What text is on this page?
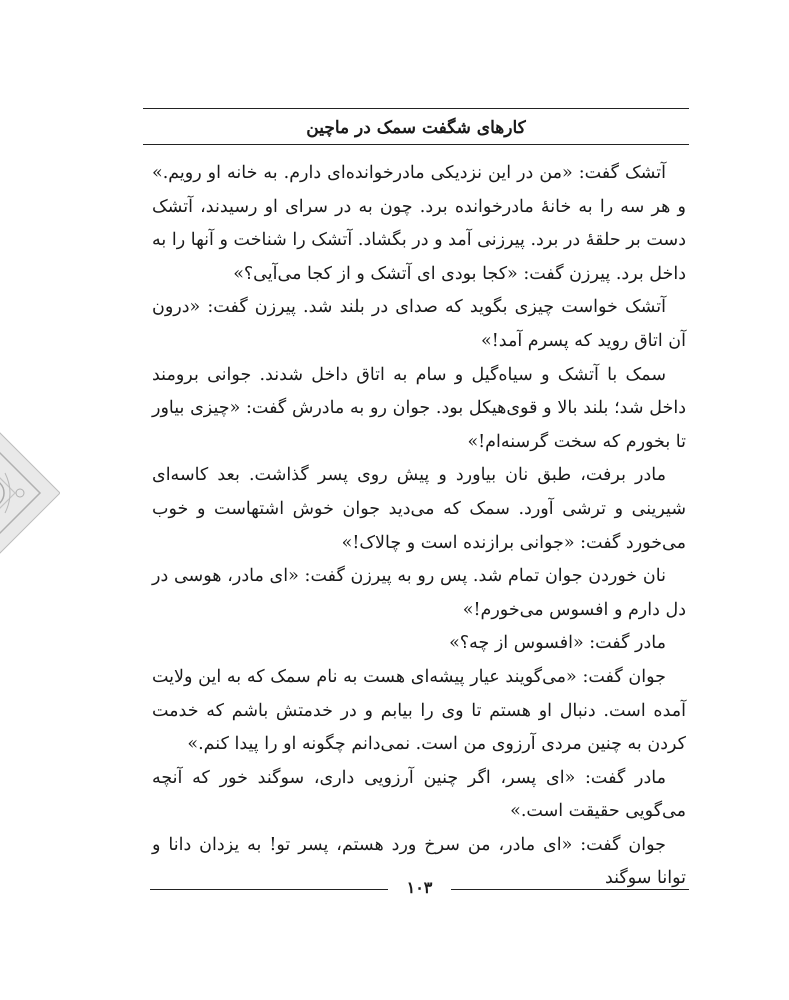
کارهای شگفت سمک در ماچین

آتشک گفت: «من در این نزدیکی مادرخوانده‌ای دارم. به خانه او رویم.» و هر سه را به خانهٔ مادرخوانده برد. چون به در سرای او رسیدند، آتشک دست بر حلقهٔ در برد. پیرزنی آمد و در بگشاد. آتشک را شناخت و آنها را به داخل برد. پیرزن گفت: «کجا بودی ای آتشک و از کجا می‌آیی؟»

آتشک خواست چیزی بگوید که صدای در بلند شد. پیرزن گفت: «درون آن اتاق روید که پسرم آمد!»

سمک با آتشک و سیاه‌گیل و سام به اتاق داخل شدند. جوانی برومند داخل شد؛ بلند بالا و قوی‌هیکل بود. جوان رو به مادرش گفت: «چیزی بیاور تا بخورم که سخت گرسنه‌ام!»

مادر برفت، طبق نان بیاورد و پیش روی پسر گذاشت. بعد کاسه‌ای شیرینی و ترشی آورد. سمک که می‌دید جوان خوش اشتهاست و خوب می‌خورد گفت: «جوانی برازنده است و چالاک!»

نان خوردن جوان تمام شد. پس رو به پیرزن گفت: «ای مادر، هوسی در دل دارم و افسوس می‌خورم!»

مادر گفت: «افسوس از چه؟»

جوان گفت: «می‌گویند عیار پیشه‌ای هست به نام سمک که به این ولایت آمده است. دنبال او هستم تا وی را بیابم و در خدمتش باشم که خدمت کردن به چنین مردی آرزوی من است. نمی‌دانم چگونه او را پیدا کنم.»

مادر گفت: «ای پسر، اگر چنین آرزویی داری، سوگند خور که آنچه می‌گویی حقیقت است.»

جوان گفت: «ای مادر، من سرخ ورد هستم، پسر تو! به یزدان دانا و توانا سوگند

۱۰۳
